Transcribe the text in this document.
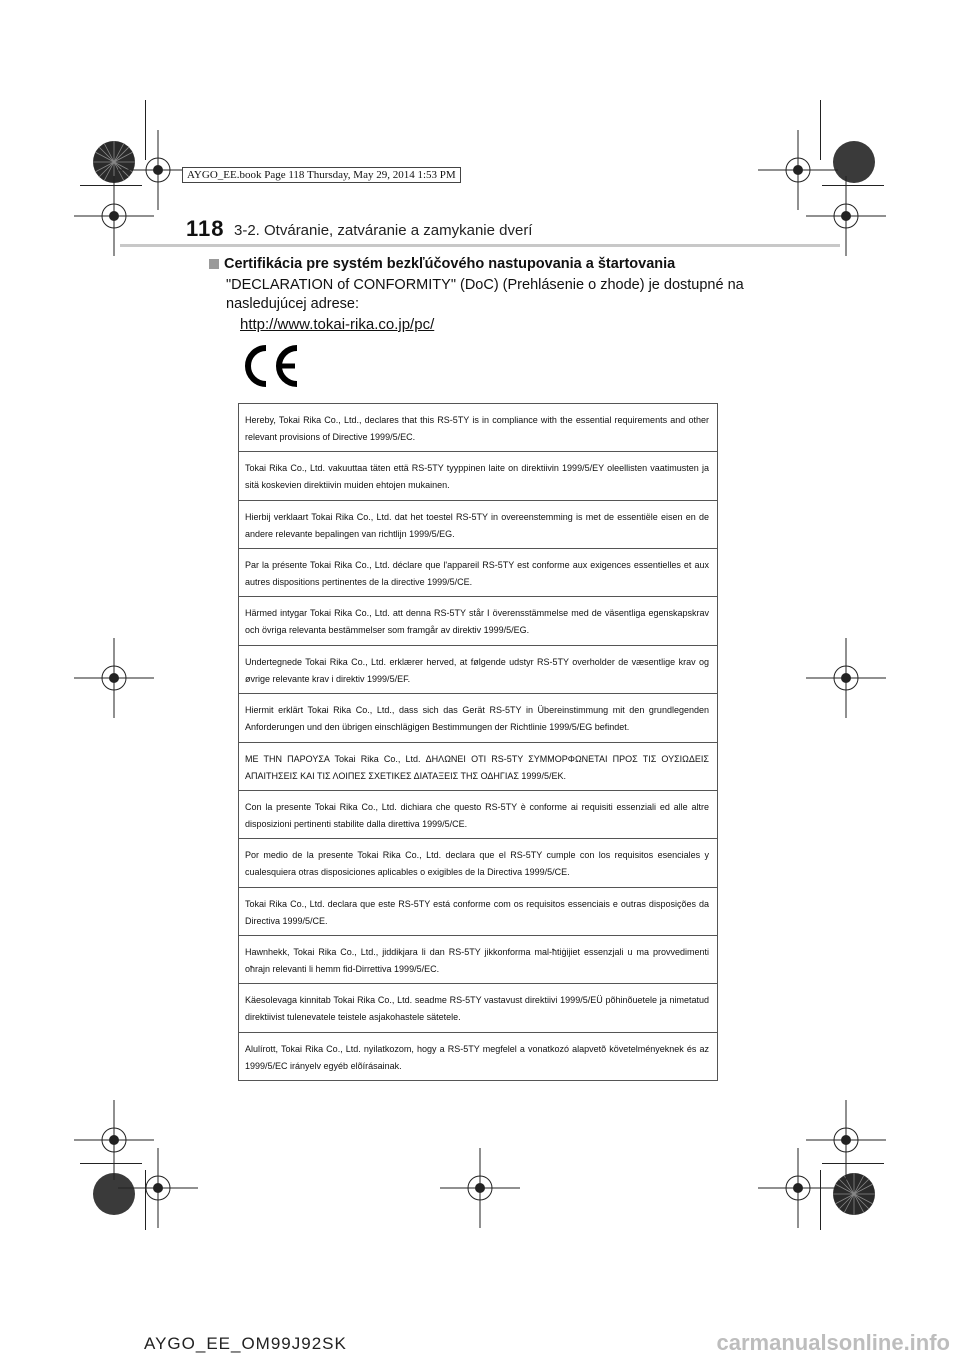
AYGO_EE.book Page 118 Thursday, May 29, 2014 1:53 PM
118 3-2. Otváranie, zatváranie a zamykanie dverí
Certifikácia pre systém bezkľúčového nastupovania a štartovania
"DECLARATION of CONFORMITY" (DoC) (Prehlásenie o zhode) je dostupné na nasledujúcej adrese:
http://www.tokai-rika.co.jp/pc/
Hereby, Tokai Rika Co., Ltd., declares that this RS-5TY is in compliance with the essential requirements and other relevant provisions of Directive 1999/5/EC.
Tokai Rika Co., Ltd. vakuuttaa täten että RS-5TY tyyppinen laite on direktiivin 1999/5/EY oleellisten vaatimusten ja sitä koskevien direktiivin muiden ehtojen mukainen.
Hierbij verklaart Tokai Rika Co., Ltd. dat het toestel RS-5TY in overeenstemming is met de essentiële eisen en de andere relevante bepalingen van richtlijn 1999/5/EG.
Par la présente Tokai Rika Co., Ltd. déclare que l'appareil RS-5TY est conforme aux exigences essentielles et aux autres dispositions pertinentes de la directive 1999/5/CE.
Härmed intygar Tokai Rika Co., Ltd. att denna RS-5TY står I överensstämmelse med de väsentliga egenskapskrav och övriga relevanta bestämmelser som framgår av direktiv 1999/5/EG.
Undertegnede Tokai Rika Co., Ltd. erklærer herved, at følgende udstyr RS-5TY overholder de væsentlige krav og øvrige relevante krav i direktiv 1999/5/EF.
Hiermit erklärt Tokai Rika Co., Ltd., dass sich das Gerät RS-5TY in Übereinstimmung mit den grundlegenden Anforderungen und den übrigen einschlägigen Bestimmungen der Richtlinie 1999/5/EG befindet.
ΜΕ ΤΗΝ ΠΑΡΟΥΣΑ Tokai Rika Co., Ltd. ΔΗΛΩΝΕΙ ΟΤΙ RS-5TY ΣΥΜΜΟΡΦΩΝΕΤΑΙ ΠΡΟΣ ΤΙΣ ΟΥΣΙΩΔΕΙΣ ΑΠΑΙΤΗΣΕΙΣ ΚΑΙ ΤΙΣ ΛΟΙΠΕΣ ΣΧΕΤΙΚΕΣ ΔΙΑΤΑΞΕΙΣ ΤΗΣ ΟΔΗΓΙΑΣ 1999/5/ΕΚ.
Con la presente Tokai Rika Co., Ltd. dichiara che questo RS-5TY è conforme ai requisiti essenziali ed alle altre disposizioni pertinenti stabilite dalla direttiva 1999/5/CE.
Por medio de la presente Tokai Rika Co., Ltd. declara que el RS-5TY cumple con los requisitos esenciales y cualesquiera otras disposiciones aplicables o exigibles de la Directiva 1999/5/CE.
Tokai Rika Co., Ltd. declara que este RS-5TY está conforme com os requisitos essenciais e outras disposições da Directiva 1999/5/CE.
Hawnhekk, Tokai Rika Co., Ltd., jiddikjara li dan RS-5TY jikkonforma mal-ħtiġijiet essenzjali u ma provvedimenti oħrajn relevanti li hemm fid-Dirrettiva 1999/5/EC.
Käesolevaga kinnitab Tokai Rika Co., Ltd. seadme RS-5TY vastavust direktiivi 1999/5/EÜ põhinõuetele ja nimetatud direktiivist tulenevatele teistele asjakohastele sätetele.
Alulírott, Tokai Rika Co., Ltd. nyilatkozom, hogy a RS-5TY megfelel a vonatkozó alapvetõ követelményeknek és az 1999/5/EC irányelv egyéb elõírásainak.
AYGO_EE_OM99J92SK	carmanualsonline.info
